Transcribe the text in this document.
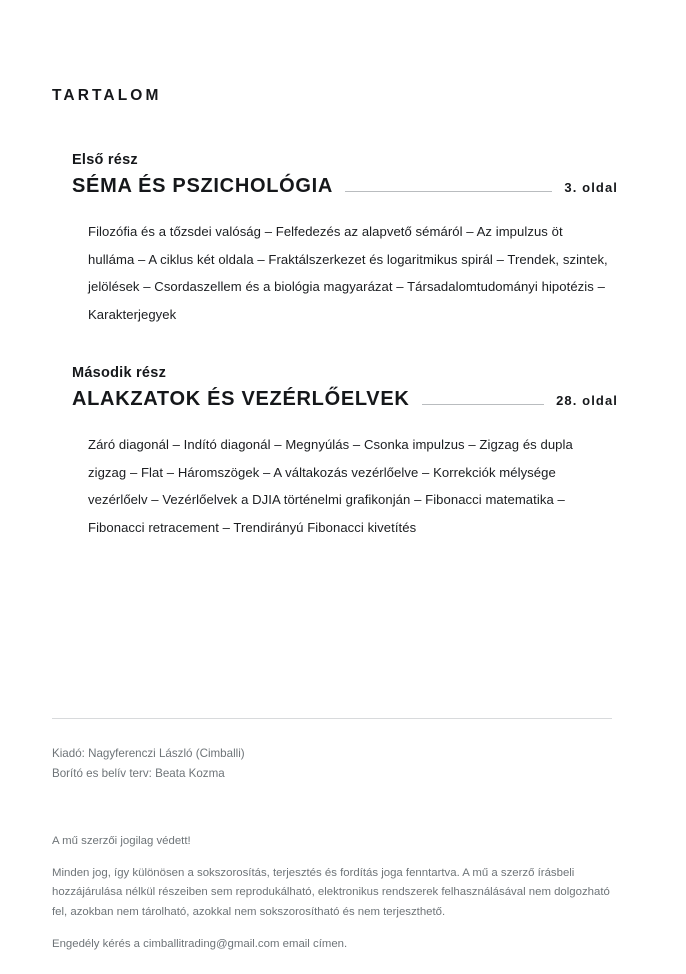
TARTALOM
Első rész
SÉMA ÉS PSZICHOLÓGIA	3. oldal
Filozófia és a tőzsdei valóság – Felfedezés az alapvető sémáról – Az impulzus öt hulláma – A ciklus két oldala – Fraktálszerkezet és logaritmikus spirál – Trendek, szintek, jelölések – Csordaszellem és a biológia magyarázat – Társadalomtudományi hipotézis – Karakterjegyek
Második rész
ALAKZATOK ÉS VEZÉRLŐELVEK	28. oldal
Záró diagonál – Indító diagonál – Megnyúlás – Csonka impulzus – Zigzag és dupla zigzag – Flat – Háromszögek – A váltakozás vezérlőelve – Korrekciók mélysége vezérlőelv – Vezérlőelvek a DJIA történelmi grafikonján – Fibonacci matematika – Fibonacci retracement – Trendirányú Fibonacci kivetítés

Kiadó: Nagyferenczi László (Cimballi)

Borító es belív terv: Beata Kozma

A mű szerzői jogilag védett!

Minden jog, így különösen a sokszorosítás, terjesztés és fordítás joga fenntartva. A mű a szerző írásbeli hozzájárulása nélkül részeiben sem reprodukálható, elektronikus rendszerek felhasználásával nem dolgozható fel, azokban nem tárolható, azokkal nem sokszorosítható és nem terjeszthető.

Engedély kérés a cimballitrading@gmail.com email címen.
